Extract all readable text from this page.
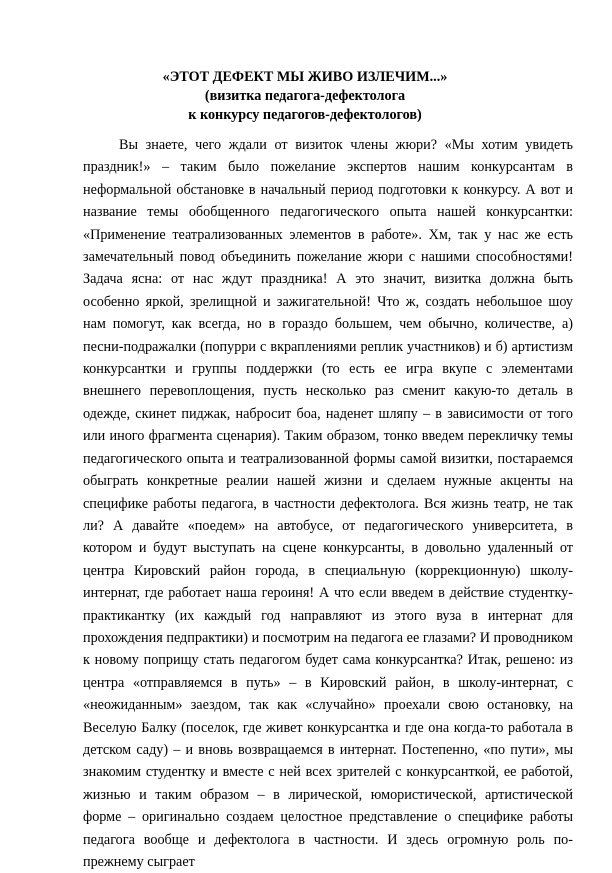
«ЭТОТ ДЕФЕКТ МЫ ЖИВО ИЗЛЕЧИМ...»
(визитка педагога-дефектолога
к конкурсу педагогов-дефектологов)

Вы знаете, чего ждали от визиток члены жюри? «Мы хотим увидеть праздник!» – таким было пожелание экспертов нашим конкурсантам в неформальной обстановке в начальный период подготовки к конкурсу. А вот и название темы обобщенного педагогического опыта нашей конкурсантки: «Применение театрализованных элементов в работе». Хм, так у нас же есть замечательный повод объединить пожелание жюри с нашими способностями! Задача ясна: от нас ждут праздника! А это значит, визитка должна быть особенно яркой, зрелищной и зажигательной! Что ж, создать небольшое шоу нам помогут, как всегда, но в гораздо большем, чем обычно, количестве, а) песни-подражалки (попурри с вкраплениями реплик участников) и б) артистизм конкурсантки и группы поддержки (то есть ее игра вкупе с элементами внешнего перевоплощения, пусть несколько раз сменит какую-то деталь в одежде, скинет пиджак, набросит боа, наденет шляпу – в зависимости от того или иного фрагмента сценария). Таким образом, тонко введем перекличку темы педагогического опыта и театрализованной формы самой визитки, постараемся обыграть конкретные реалии нашей жизни и сделаем нужные акценты на специфике работы педагога, в частности дефектолога. Вся жизнь театр, не так ли? А давайте «поедем» на автобусе, от педагогического университета, в котором и будут выступать на сцене конкурсанты, в довольно удаленный от центра Кировский район города, в специальную (коррекционную) школу-интернат, где работает наша героиня! А что если введем в действие студентку-практикантку (их каждый год направляют из этого вуза в интернат для прохождения педпрактики) и посмотрим на педагога ее глазами? И проводником к новому поприщу стать педагогом будет сама конкурсантка? Итак, решено: из центра «отправляемся в путь» – в Кировский район, в школу-интернат, с «неожиданным» заездом, так как «случайно» проехали свою остановку, на Веселую Балку (поселок, где живет конкурсантка и где она когда-то работала в детском саду) – и вновь возвращаемся в интернат. Постепенно, «по пути», мы знакомим студентку и вместе с ней всех зрителей с конкурсанткой, ее работой, жизнью и таким образом – в лирической, юмористической, артистической форме – оригинально создаем целостное представление о специфике работы педагога вообще и дефектолога в частности. И здесь огромную роль по-прежнему сыграет
